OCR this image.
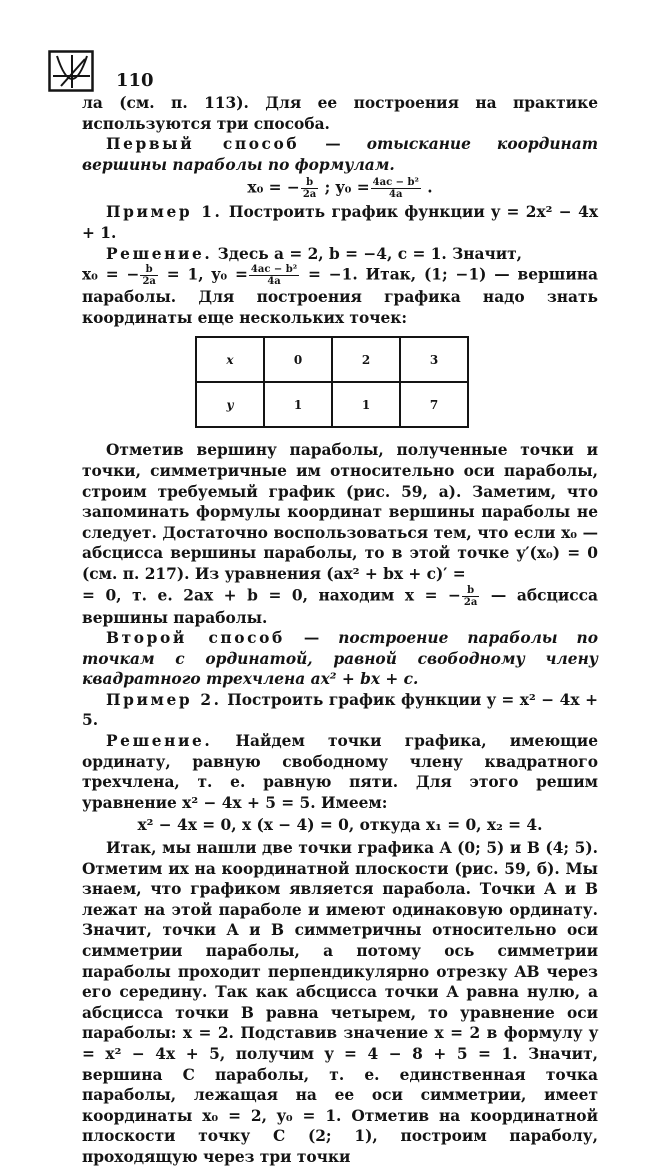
110

ла (см. п. 113). Для ее построения на практике используются три способа.

Первый способ — отыскание координат вершины параболы по формулам.

x₀ = − $\frac{b}{2a}$ ; $y_0 = \frac{\text{4ac − b²}}{4a}$ .

Пример 1. Построить график функции y = 2x² − 4x + 1.

Решение. Здесь a = 2, b = −4, c = 1. Значит,

x₀ = − $\frac{b}{2a} = 1$, $y_0 = \frac{\text{4ac − b²}}{4a} = -1$. Итак, (1; −1) — вершина параболы. Для построения графика надо знать координаты еще нескольких точек:

x	0	2	3
y	1	1	7

Отметив вершину параболы, полученные точки и точки, симметричные им относительно оси параболы, строим требуемый график (рис. 59, а). Заметим, что запоминать формулы координат вершины параболы не следует. Достаточно воспользоваться тем, что если x₀ — абсцисса вершины параболы, то в этой точке y′(x₀) = 0 (см. п. 217). Из уравнения (ax² + bx + c)′ =

= 0, т. е. 2ax + b = 0, находим x = − $\frac{b}{2a}$ — абсцисса вершины параболы.

Второй способ — построение параболы по точкам с ординатой, равной свободному члену квадратного трехчлена ax² + bx + c.

Пример 2. Построить график функции y = x² − 4x + 5.

Решение. Найдем точки графика, имеющие ординату, равную свободному члену квадратного трехчлена, т. е. равную пяти. Для этого решим уравнение x² − 4x + 5 = 5. Имеем:

x² − 4x = 0, x (x − 4) = 0, откуда x₁ = 0, x₂ = 4.

Итак, мы нашли две точки графика A (0; 5) и B (4; 5). Отметим их на координатной плоскости (рис. 59, б). Мы знаем, что графиком является парабола. Точки A и B лежат на этой параболе и имеют одинаковую ординату. Значит, точки A и B симметричны относительно оси симметрии параболы, а потому ось симметрии параболы проходит перпендикулярно отрезку AB через его середину. Так как абсцисса точки A равна нулю, а абсцисса точки B равна четырем, то уравнение оси параболы: x = 2. Подставив значение x = 2 в формулу y = x² − 4x + 5, получим y = 4 − 8 + 5 = 1. Значит, вершина C параболы, т. е. единственная точка параболы, лежащая на ее оси симметрии, имеет координаты x₀ = 2, y₀ = 1. Отметив на координатной плоскости точку C (2; 1), построим параболу, проходящую через три точки
